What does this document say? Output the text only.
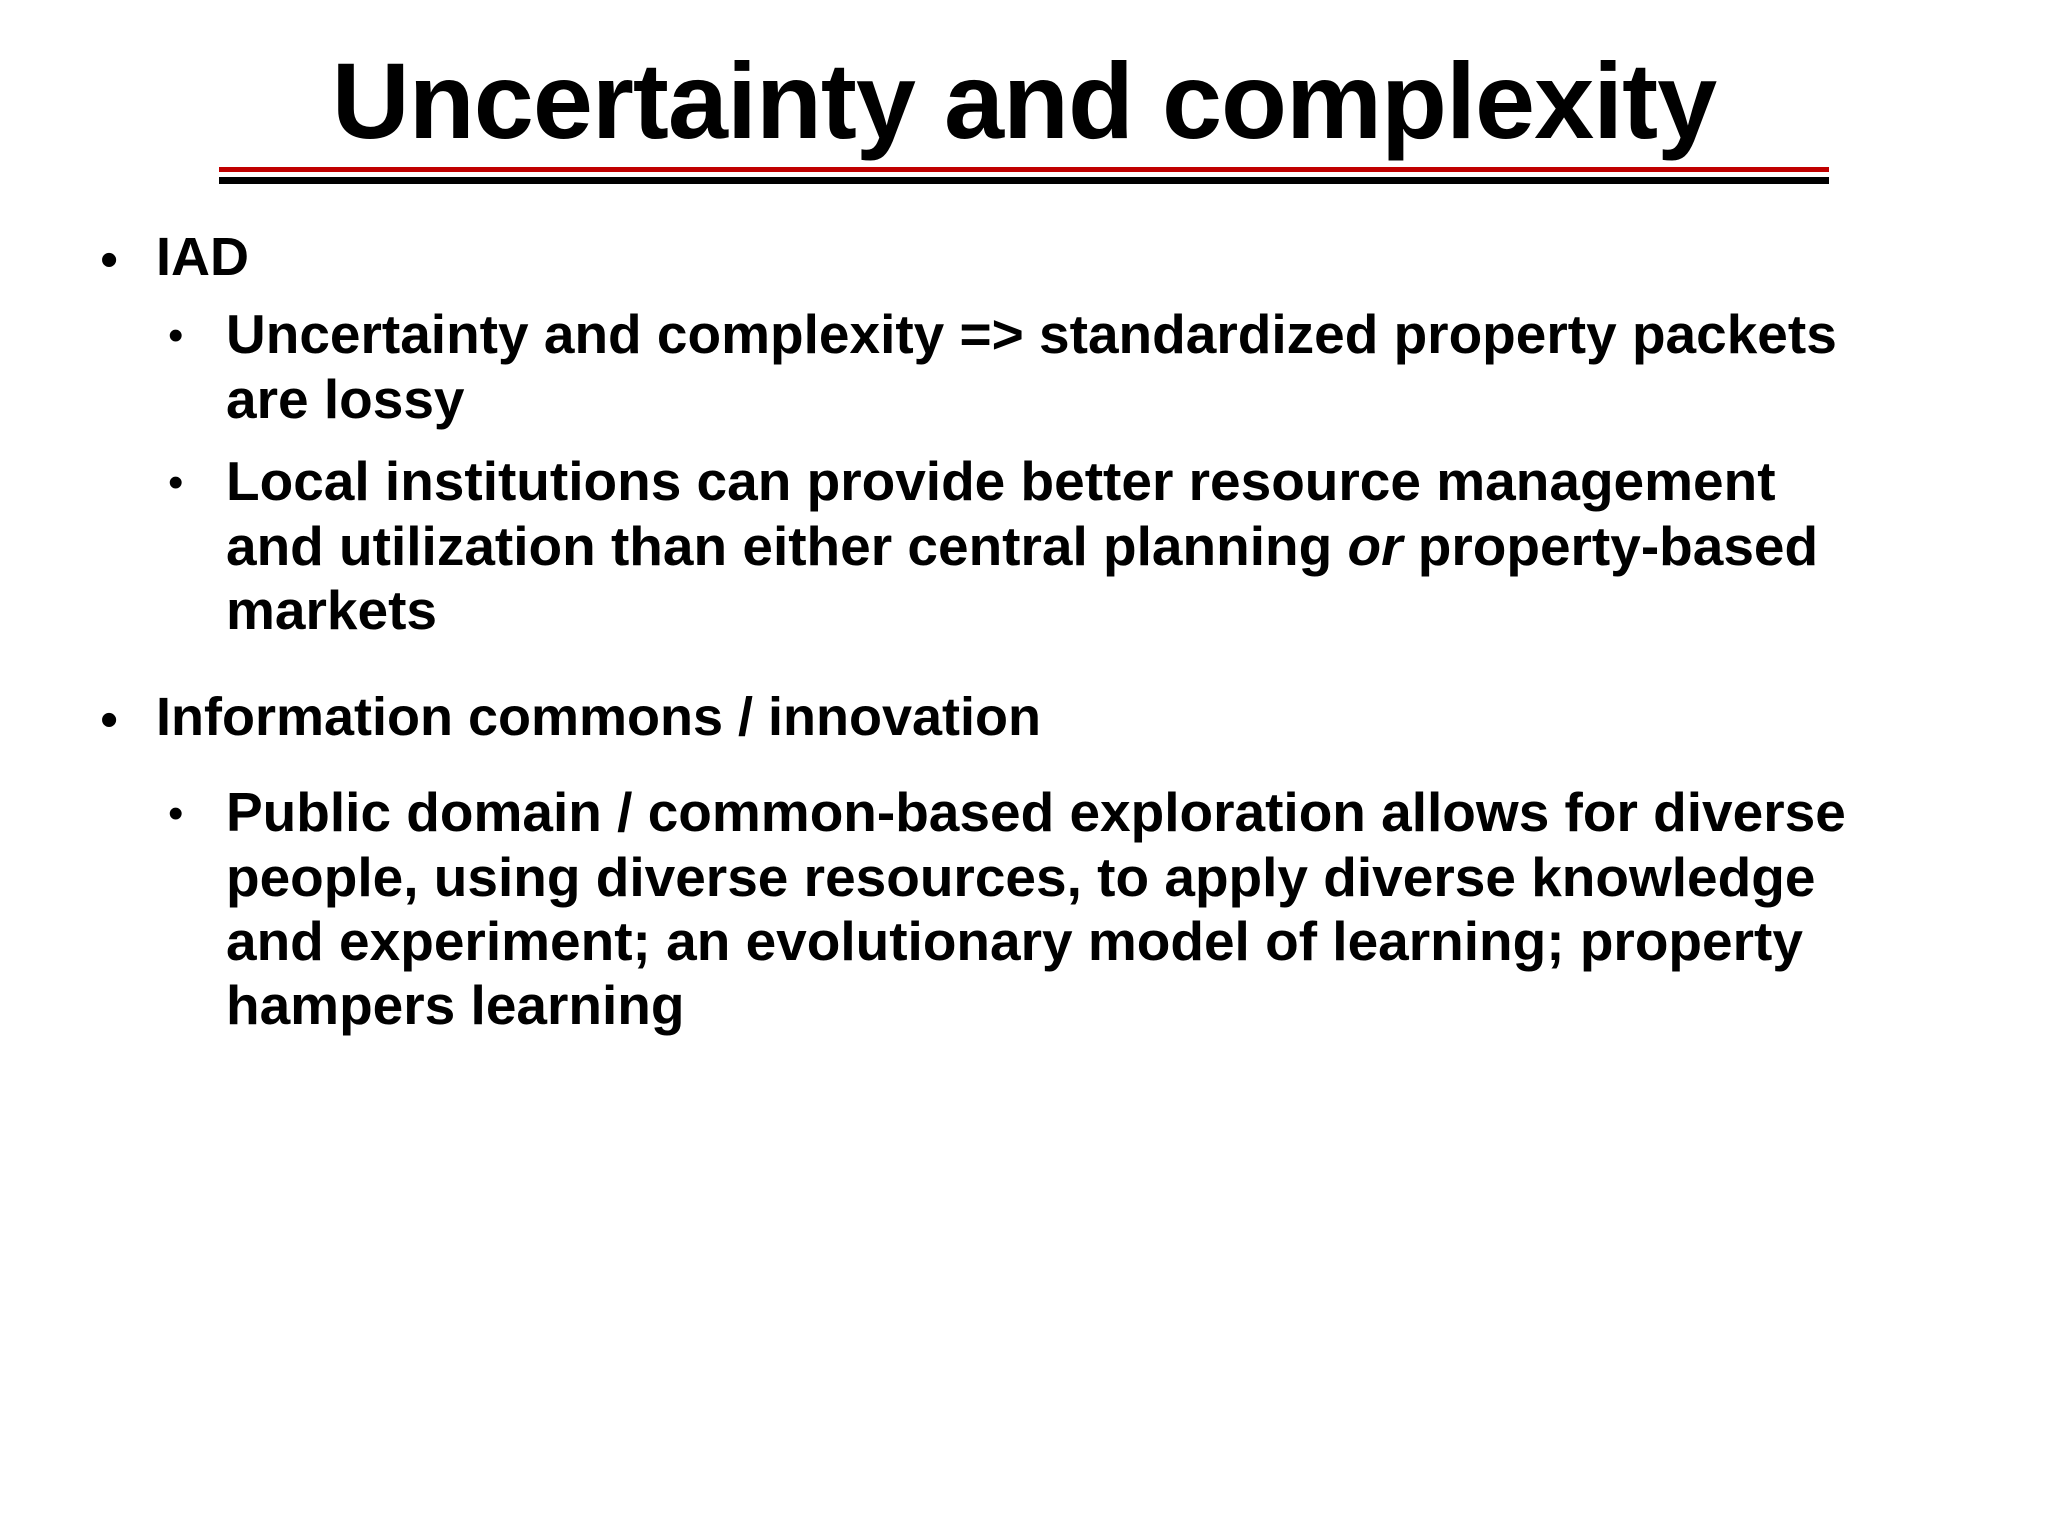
Uncertainty and complexity
• IAD
• Uncertainty and complexity => standardized property packets are lossy
• Local institutions can provide better resource management and utilization than either central planning or property-based markets
• Information commons / innovation
• Public domain / common-based exploration allows for diverse people, using diverse resources, to apply diverse knowledge and experiment; an evolutionary model of learning; property hampers learning
